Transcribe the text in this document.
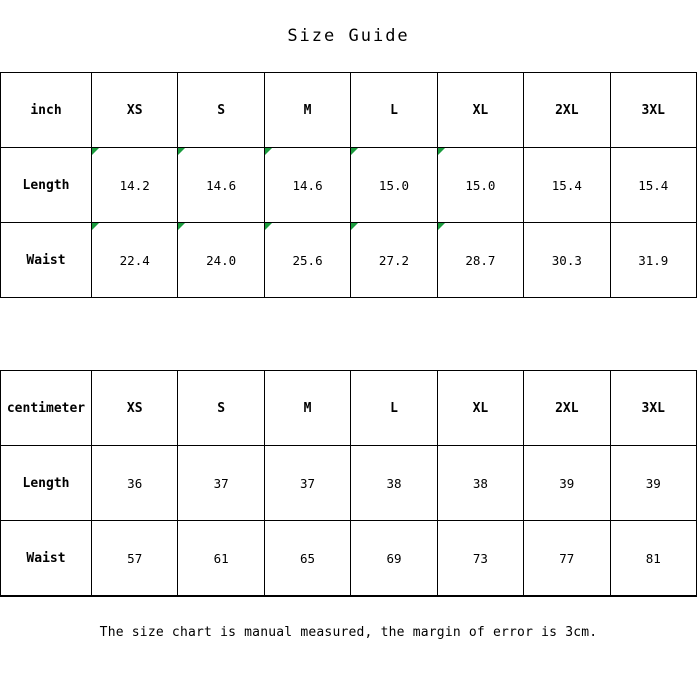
Size Guide
inch	XS	S	M	L	XL	2XL	3XL
Length	14.2	14.6	14.6	15.0	15.0	15.4	15.4
Waist	22.4	24.0	25.6	27.2	28.7	30.3	31.9
centimeter	XS	S	M	L	XL	2XL	3XL
Length	36	37	37	38	38	39	39
Waist	57	61	65	69	73	77	81
The size chart is manual measured, the margin of error is 3cm.
